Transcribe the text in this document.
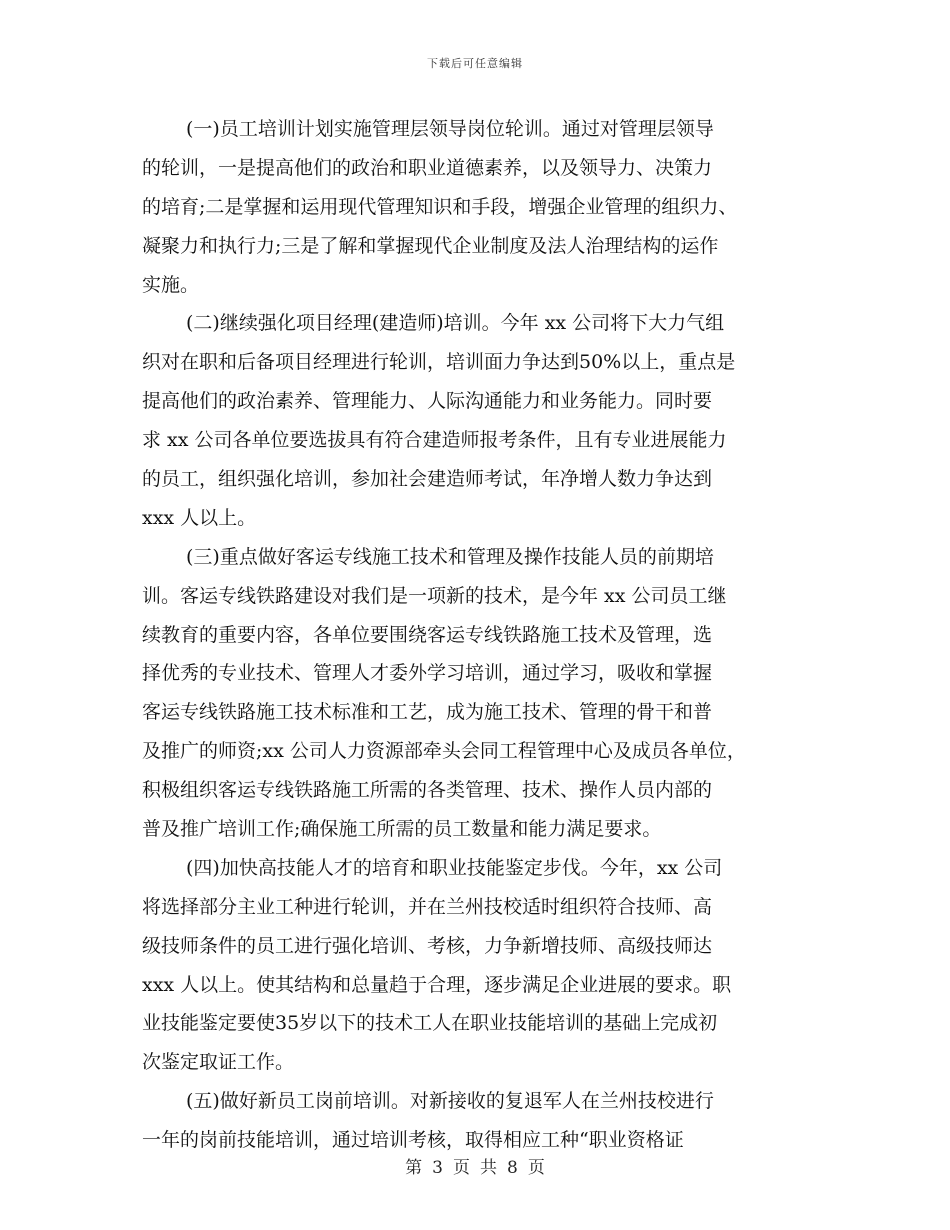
下载后可任意编辑
(一)员工培训计划实施管理层领导岗位轮训。通过对管理层领导
的轮训，一是提高他们的政治和职业道德素养，以及领导力、决策力
的培育;二是掌握和运用现代管理知识和手段，增强企业管理的组织力、
凝聚力和执行力;三是了解和掌握现代企业制度及法人治理结构的运作
实施。
(二)继续强化项目经理(建造师)培训。今年 xx 公司将下大力气组
织对在职和后备项目经理进行轮训，培训面力争达到50%以上，重点是
提高他们的政治素养、管理能力、人际沟通能力和业务能力。同时要
求 xx 公司各单位要选拔具有符合建造师报考条件，且有专业进展能力
的员工，组织强化培训，参加社会建造师考试，年净增人数力争达到
xxx 人以上。
(三)重点做好客运专线施工技术和管理及操作技能人员的前期培
训。客运专线铁路建设对我们是一项新的技术，是今年 xx 公司员工继
续教育的重要内容，各单位要围绕客运专线铁路施工技术及管理，选
择优秀的专业技术、管理人才委外学习培训，通过学习，吸收和掌握
客运专线铁路施工技术标准和工艺，成为施工技术、管理的骨干和普
及推广的师资;xx 公司人力资源部牵头会同工程管理中心及成员各单位，
积极组织客运专线铁路施工所需的各类管理、技术、操作人员内部的
普及推广培训工作;确保施工所需的员工数量和能力满足要求。
(四)加快高技能人才的培育和职业技能鉴定步伐。今年，xx 公司
将选择部分主业工种进行轮训，并在兰州技校适时组织符合技师、高
级技师条件的员工进行强化培训、考核，力争新增技师、高级技师达
xxx 人以上。使其结构和总量趋于合理，逐步满足企业进展的要求。职
业技能鉴定要使35岁以下的技术工人在职业技能培训的基础上完成初
次鉴定取证工作。
(五)做好新员工岗前培训。对新接收的复退军人在兰州技校进行
一年的岗前技能培训，通过培训考核，取得相应工种“职业资格证
第 3 页 共 8 页
